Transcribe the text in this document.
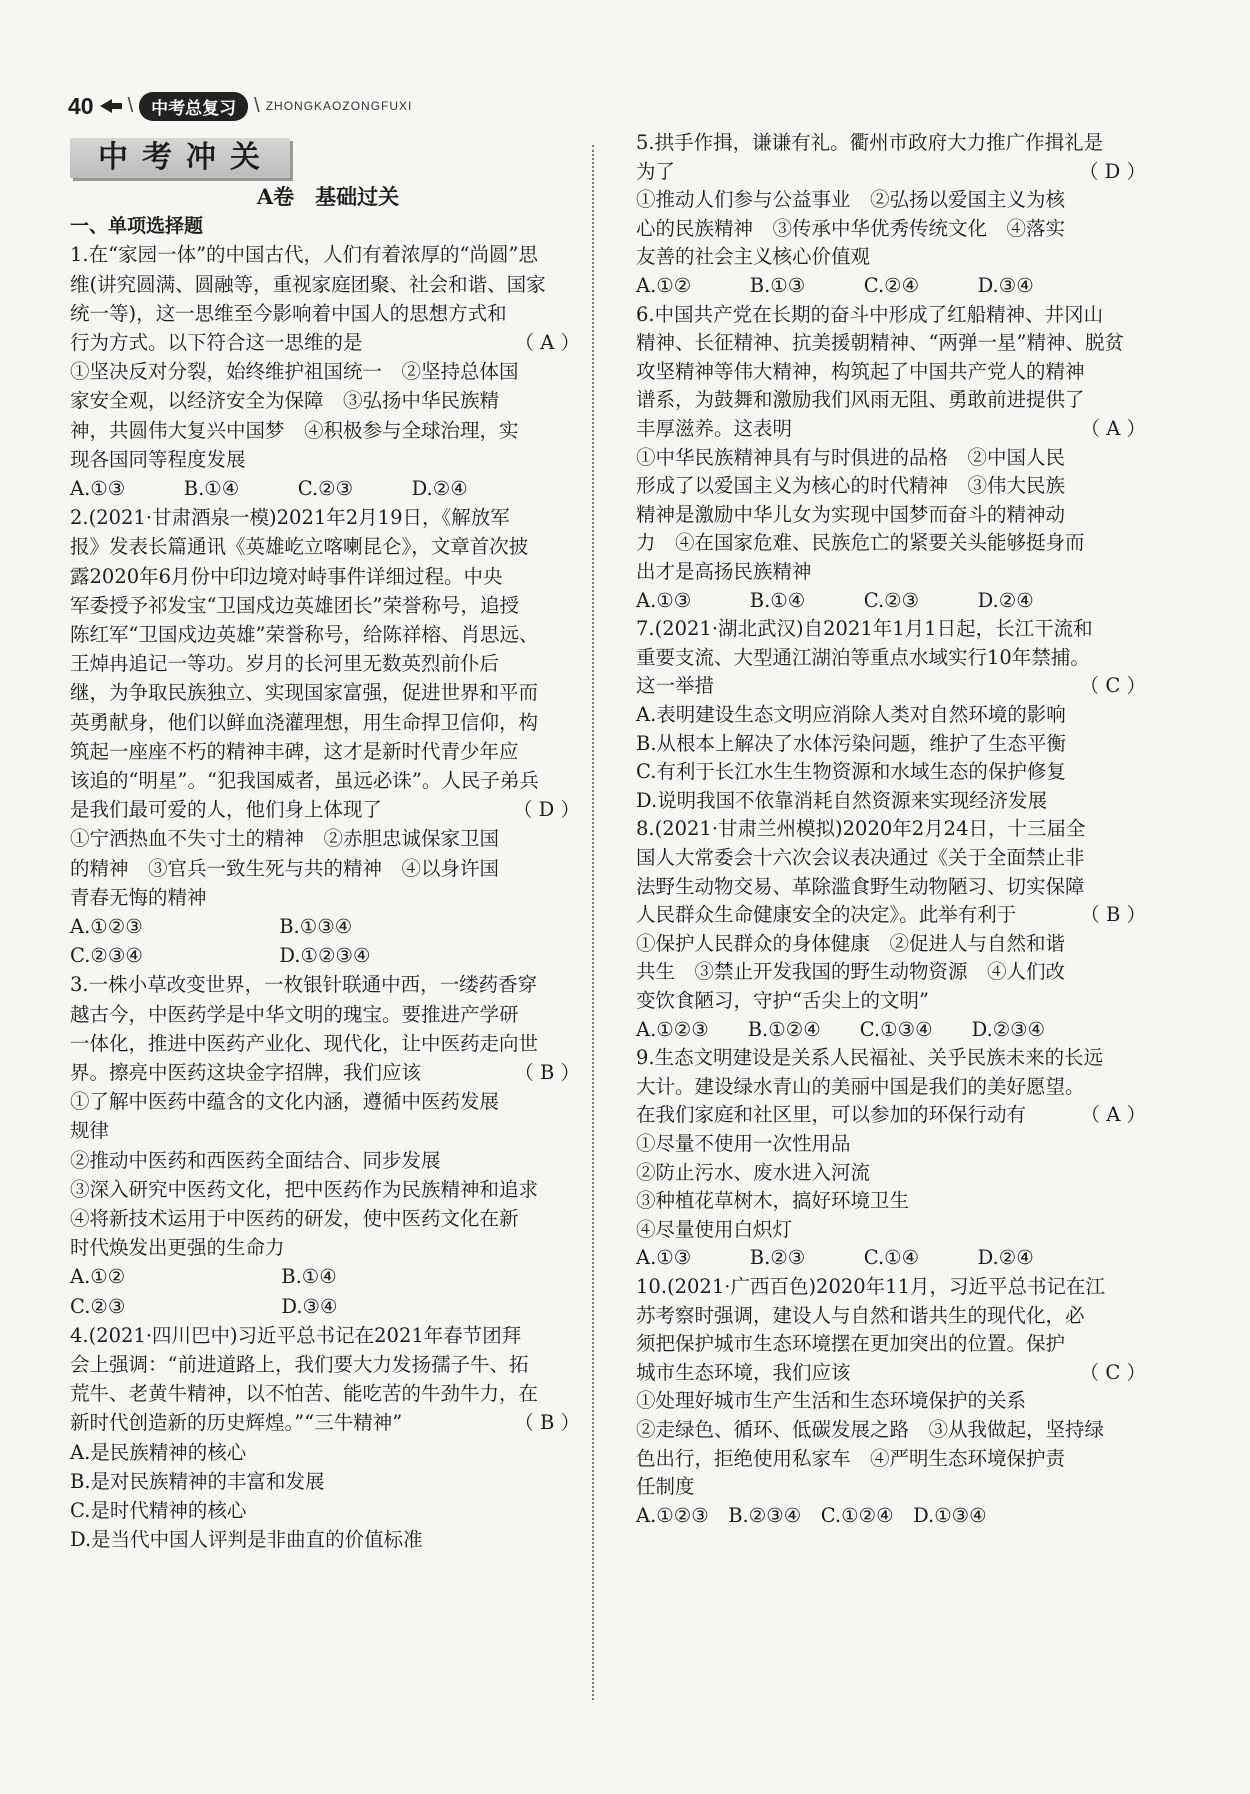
40 \	中考总复习 \ ZHONGKAOZONGFUXI
中考冲关
A卷　基础过关
一、单项选择题
1.在“家园一体”的中国古代，人们有着浓厚的“尚圆”思
维(讲究圆满、圆融等，重视家庭团聚、社会和谐、国家
统一等)，这一思维至今影响着中国人的思想方式和
（ A ）
行为方式。以下符合这一思维的是
①坚决反对分裂，始终维护祖国统一　②坚持总体国
家安全观，以经济安全为保障　③弘扬中华民族精
神，共圆伟大复兴中国梦　④积极参与全球治理，实
现各国同等程度发展
A.①③　　　B.①④　　　C.②③　　　D.②④
2.(2021·甘肃酒泉一模)2021年2月19日，《解放军
报》发表长篇通讯《英雄屹立喀喇昆仑》，文章首次披
露2020年6月份中印边境对峙事件详细过程。中央
军委授予祁发宝“卫国戍边英雄团长”荣誉称号，追授
陈红军“卫国戍边英雄”荣誉称号，给陈祥榕、肖思远、
王焯冉追记一等功。岁月的长河里无数英烈前仆后
继，为争取民族独立、实现国家富强，促进世界和平而
英勇献身，他们以鲜血浇灌理想，用生命捍卫信仰，构
筑起一座座不朽的精神丰碑，这才是新时代青少年应
该追的“明星”。“犯我国威者，虽远必诛”。人民子弟兵
（ D ）
是我们最可爱的人，他们身上体现了
①宁洒热血不失寸土的精神　②赤胆忠诚保家卫国
的精神　③官兵一致生死与共的精神　④以身许国
青春无悔的精神
A.①②③　　　　　　　B.①③④
C.②③④　　　　　　　D.①②③④
3.一株小草改变世界，一枚银针联通中西，一缕药香穿
越古今，中医药学是中华文明的瑰宝。要推进产学研
一体化，推进中医药产业化、现代化，让中医药走向世
（ B ）
界。擦亮中医药这块金字招牌，我们应该
①了解中医药中蕴含的文化内涵，遵循中医药发展
规律
②推动中医药和西医药全面结合、同步发展
③深入研究中医药文化，把中医药作为民族精神和追求
④将新技术运用于中医药的研发，使中医药文化在新
时代焕发出更强的生命力
A.①②　　　　　　　　B.①④
C.②③　　　　　　　　D.③④
4.(2021·四川巴中)习近平总书记在2021年春节团拜
会上强调：“前进道路上，我们要大力发扬孺子牛、拓
荒牛、老黄牛精神，以不怕苦、能吃苦的牛劲牛力，在
（ B ）
新时代创造新的历史辉煌。”“三牛精神”
A.是民族精神的核心
B.是对民族精神的丰富和发展
C.是时代精神的核心
D.是当代中国人评判是非曲直的价值标准
5.拱手作揖，谦谦有礼。衢州市政府大力推广作揖礼是
（ D ）
为了
①推动人们参与公益事业　②弘扬以爱国主义为核
心的民族精神　③传承中华优秀传统文化　④落实
友善的社会主义核心价值观
A.①②　　　B.①③　　　C.②④　　　D.③④
6.中国共产党在长期的奋斗中形成了红船精神、井冈山
精神、长征精神、抗美援朝精神、“两弹一星”精神、脱贫
攻坚精神等伟大精神，构筑起了中国共产党人的精神
谱系，为鼓舞和激励我们风雨无阻、勇敢前进提供了
（ A ）
丰厚滋养。这表明
①中华民族精神具有与时俱进的品格　②中国人民
形成了以爱国主义为核心的时代精神　③伟大民族
精神是激励中华儿女为实现中国梦而奋斗的精神动
力　④在国家危难、民族危亡的紧要关头能够挺身而
出才是高扬民族精神
A.①③　　　B.①④　　　C.②③　　　D.②④
7.(2021·湖北武汉)自2021年1月1日起，长江干流和
重要支流、大型通江湖泊等重点水域实行10年禁捕。
（ C ）
这一举措
A.表明建设生态文明应消除人类对自然环境的影响
B.从根本上解决了水体污染问题，维护了生态平衡
C.有利于长江水生生物资源和水域生态的保护修复
D.说明我国不依靠消耗自然资源来实现经济发展
8.(2021·甘肃兰州模拟)2020年2月24日，十三届全
国人大常委会十六次会议表决通过《关于全面禁止非
法野生动物交易、革除滥食野生动物陋习、切实保障
（ B ）
人民群众生命健康安全的决定》。此举有利于
①保护人民群众的身体健康　②促进人与自然和谐
共生　③禁止开发我国的野生动物资源　④人们改
变饮食陋习，守护“舌尖上的文明”
A.①②③　　B.①②④　　C.①③④　　D.②③④
9.生态文明建设是关系人民福祉、关乎民族未来的长远
大计。建设绿水青山的美丽中国是我们的美好愿望。
（ A ）
在我们家庭和社区里，可以参加的环保行动有
①尽量不使用一次性用品
②防止污水、废水进入河流
③种植花草树木，搞好环境卫生
④尽量使用白炽灯
A.①③　　　B.②③　　　C.①④　　　D.②④
10.(2021·广西百色)2020年11月，习近平总书记在江
苏考察时强调，建设人与自然和谐共生的现代化，必
须把保护城市生态环境摆在更加突出的位置。保护
（ C ）
城市生态环境，我们应该
①处理好城市生产生活和生态环境保护的关系
②走绿色、循环、低碳发展之路　③从我做起，坚持绿
色出行，拒绝使用私家车　④严明生态环境保护责
任制度
A.①②③　B.②③④　C.①②④　D.①③④
